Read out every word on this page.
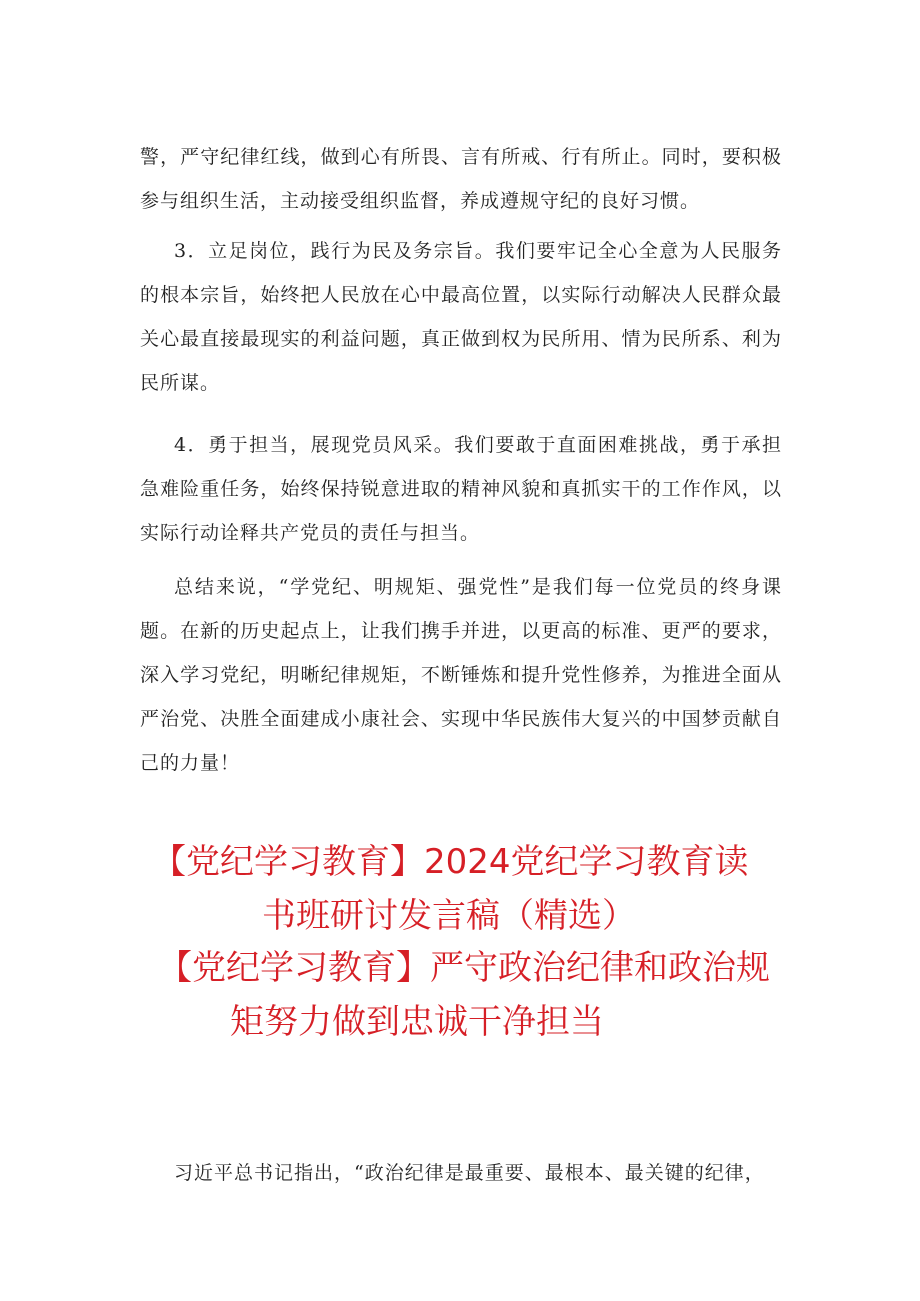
警，严守纪律红线，做到心有所畏、言有所戒、行有所止。同时，要积极参与组织生活，主动接受组织监督，养成遵规守纪的良好习惯。

3．立足岗位，践行为民及务宗旨。我们要牢记全心全意为人民服务的根本宗旨，始终把人民放在心中最高位置，以实际行动解决人民群众最关心最直接最现实的利益问题，真正做到权为民所用、情为民所系、利为民所谋。

4．勇于担当，展现党员风采。我们要敢于直面困难挑战，勇于承担急难险重任务，始终保持锐意进取的精神风貌和真抓实干的工作作风，以实际行动诠释共产党员的责任与担当。

总结来说，“学党纪、明规矩、强党性”是我们每一位党员的终身课题。在新的历史起点上，让我们携手并进，以更高的标准、更严的要求，深入学习党纪，明晰纪律规矩，不断锤炼和提升党性修养，为推进全面从严治党、决胜全面建成小康社会、实现中华民族伟大复兴的中国梦贡献自己的力量！

【党纪学习教育】2024党纪学习教育读
书班研讨发言稿（精选）
【党纪学习教育】严守政治纪律和政治规
矩努力做到忠诚干净担当

习近平总书记指出，“政治纪律是最重要、最根本、最关键的纪律，
